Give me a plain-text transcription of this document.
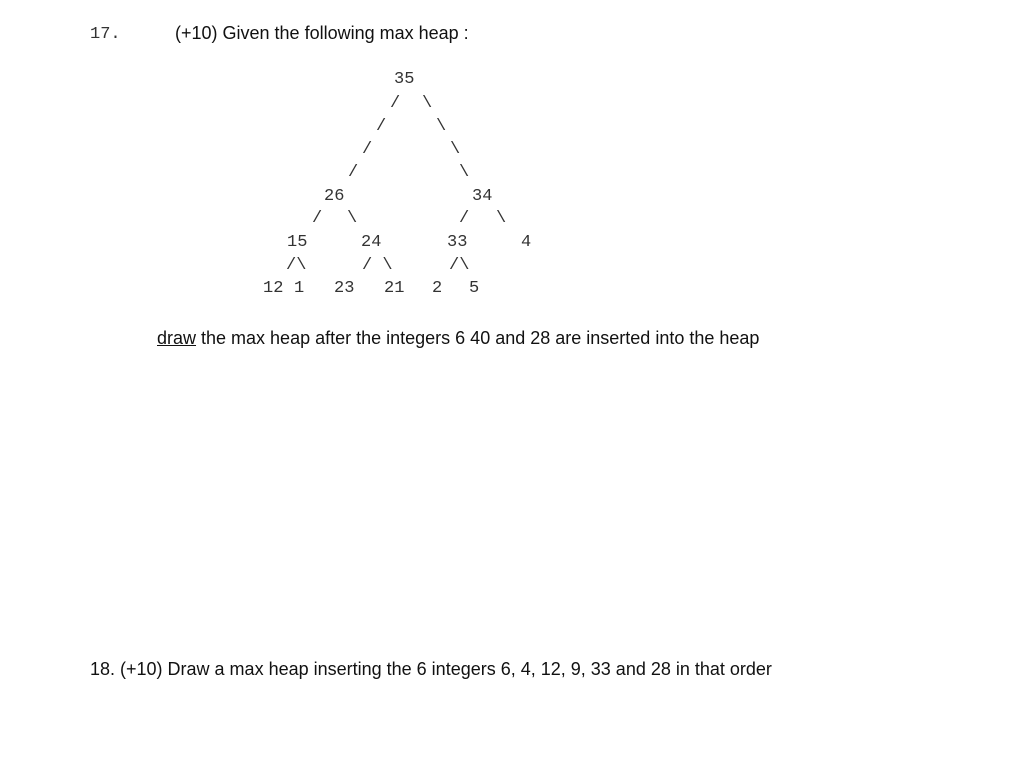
17.	(+10) Given the following max heap :
35
/
/
/
/
\
\
\
\
26	34
/ \	/ \
15	24	33	4
/\	/ \	/\
12 1 23 21 2 5
draw the max heap after the integers 6 40 and 28 are inserted into the heap
18. (+10) Draw a max heap inserting the 6 integers 6, 4, 12, 9, 33 and 28 in that order
